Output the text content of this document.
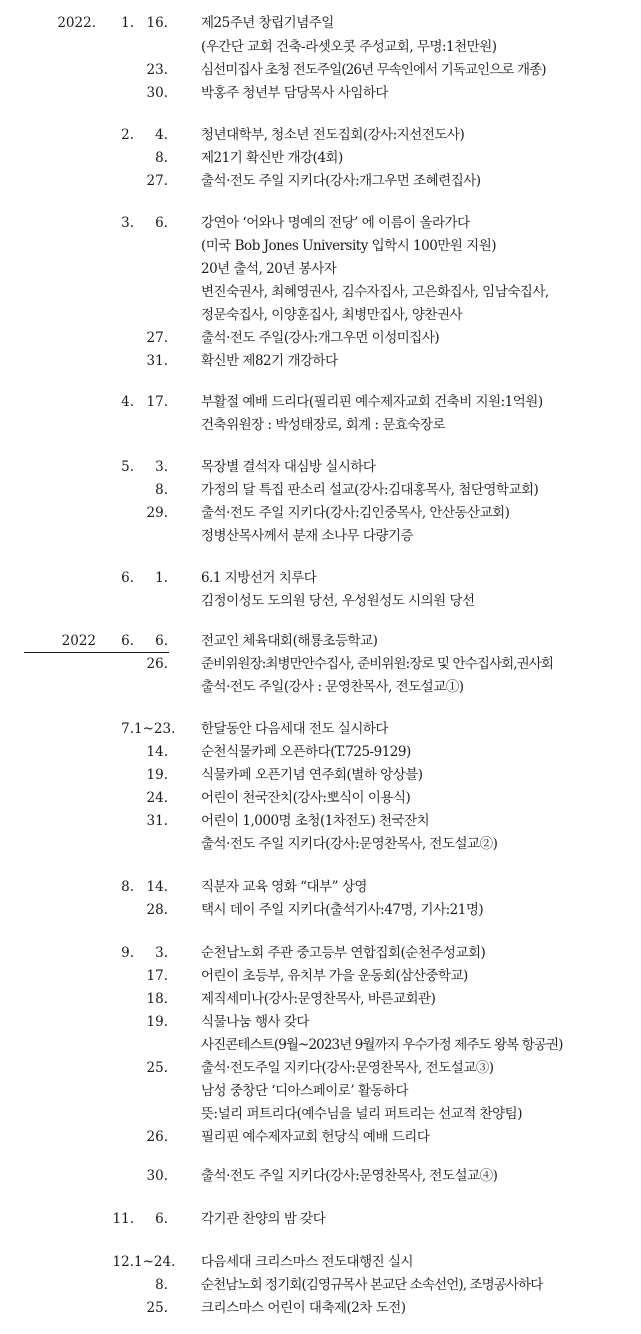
2022.	1. 16. 제25주년 창립기념주일
(우간단 교회 건축-라셋오콧 주성교회, 무명:1천만원)
23. 심선미집사 초청 전도주일(26년 무속인에서 기독교인으로 개종)
30. 박홍주 청년부 담당목사 사임하다
2.	4. 청년대학부, 청소년 전도집회(강사:지선전도사)
8. 제21기 확신반 개강(4회)
27. 출석·전도 주일 지키다(강사:개그우먼 조혜련집사)
3.	6. 강연아 ‘어와나 명예의 전당’ 에 이름이 올라가다
(미국 Bob Jones University 입학시 100만원 지원)
20년 출석, 20년 봉사자
변진숙권사, 최혜영권사, 김수자집사, 고은화집사, 임남숙집사,
정문숙집사, 이양훈집사, 최병만집사, 양찬권사
27. 출석·전도 주일(강사:개그우먼 이성미집사)
31. 확신반 제82기 개강하다
4. 17. 부활절 예배 드리다(필리핀 예수제자교회 건축비 지원:1억원)
건축위원장 : 박성태장로, 회계 : 문효숙장로
5.	3. 목장별 결석자 대심방 실시하다
8. 가정의 달 특집 판소리 설교(강사:김대홍목사, 첨단영학교회)
29. 출석·전도 주일 지키다(강사:김인중목사, 안산동산교회)
정병산목사께서 분재 소나무 다량기증
6.	1. 6.1 지방선거 치루다
김정이성도 도의원 당선, 우성원성도 시의원 당선
2022	6.	6. 전교인 체육대회(해룡초등학교)
26. 준비위원장:최병만안수집사, 준비위원:장로 및 안수집사회,권사회
출석·전도 주일(강사 : 문영찬목사, 전도설교①)
7. 1~23. 한달동안 다음세대 전도 실시하다
14. 순천식물카페 오픈하다(T.725-9129)
19. 식물카페 오픈기념 연주회(별하 앙상블)
24. 어린이 천국잔치(강사:뽀식이 이용식)
31. 어린이 1,000명 초청(1차전도) 천국잔치
출석·전도 주일 지키다(강사:문영찬목사, 전도설교②)
8. 14. 직분자 교육 영화 “대부” 상영
28. 택시 데이 주일 지키다(출석기사:47명, 기사:21명)
9.	3. 순천남노회 주관 중고등부 연합집회(순천주성교회)
17. 어린이 초등부, 유치부 가을 운동회(삼산중학교)
18. 제직세미나(강사:문영찬목사, 바른교회관)
19. 식물나눔 행사 갖다
사진콘테스트(9월~2023년 9월까지 우수가정 제주도 왕복 항공권)
25. 출석·전도주일 지키다(강사:문영찬목사, 전도설교③)
남성 중창단 ‘디아스페이로’ 활동하다
뜻:널리 퍼트리다(예수님을 널리 퍼트리는 선교적 찬양팀)
26. 필리핀 예수제자교회 헌당식 예배 드리다
30. 출석·전도 주일 지키다(강사:문영찬목사, 전도설교④)
11.	6. 각기관 찬양의 밤 갖다
12. 1~24. 다음세대 크리스마스 전도대행진 실시
8. 순천남노회 정기회(김영규목사 본교단 소속선언), 조명공사하다
25. 크리스마스 어린이 대축제(2차 도전)
